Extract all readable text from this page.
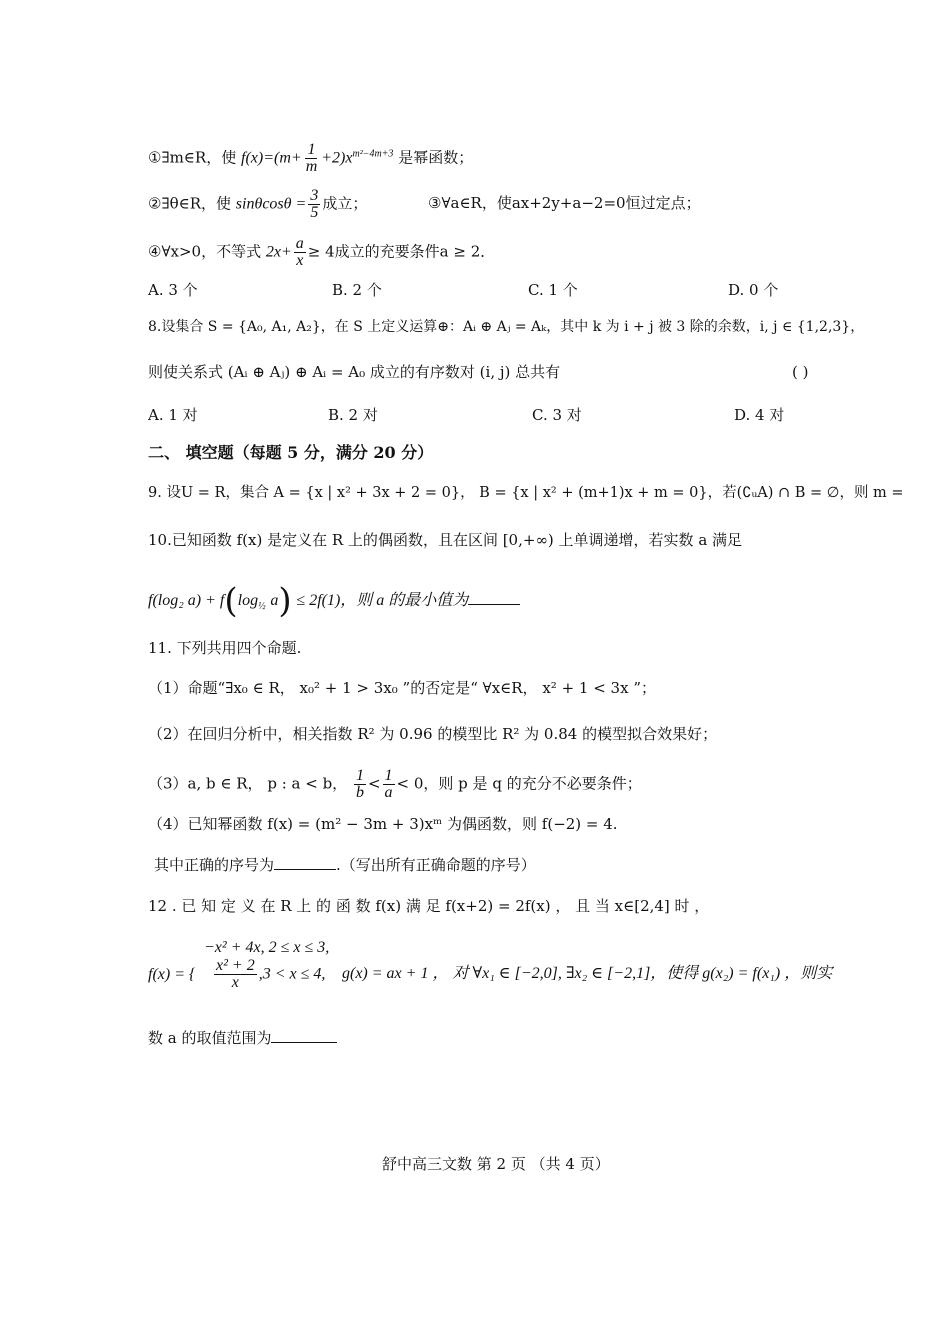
①∃m∈R，使 $f(x)=(m+ \frac{1}{m} +2)x^{m^2-4m+3}$ 是幂函数；
②∃θ∈R，使 $\sin\theta\cos\theta = \frac{3}{5}$ 成立；	③∀a∈R，使ax+2y+a−2=0恒过定点；
④∀x>0，不等式 $2x+ \frac{a}{x} \ge 4$成立的充要条件a ≥ 2．
A. 3 个	B. 2 个	C. 1 个	D. 0 个
8.设集合 S = {A₀, A₁, A₂}，在 S 上定义运算⊕：Aᵢ ⊕ Aⱼ = Aₖ，其中 k 为 i + j 被 3 除的余数，i, j ∈ {1,2,3}，
则使关系式 (Aᵢ ⊕ Aⱼ) ⊕ Aᵢ = A₀ 成立的有序数对 (i, j) 总共有	( )
A. 1 对	B. 2 对	C. 3 对	D. 4 对
二、 填空题（每题 5 分，满分 20 分）
9. 设U = R，集合 A = {x | x² + 3x + 2 = 0}， B = {x | x² + (m+1)x + m = 0}，若(∁ᵤA) ∩ B = ∅，则 m =
10.已知函数 f(x) 是定义在 R 上的偶函数，且在区间 [0,+∞) 上单调递增，若实数 a 满足
f(log₂ $a) + f(\log_{\frac{1}{2}}$ a) ≤ 2f(1)，则 a 的最小值为
11. 下列共用四个命题.
（1）命题“∃x₀ ∈ R， x₀² + 1 > 3x₀ ”的否定是“ ∀x∈R， x² + 1 < 3x ”；
（2）在回归分析中，相关指数 R² 为 0.96 的模型比 R² 为 0.84 的模型拟合效果好；
（3）a, b ∈ R， p : a < b， $\frac{1}{b} < \frac{1}{a} < 0$，则 p 是 q 的充分不必要条件；
（4）已知幂函数 f(x) = (m² − 3m + 3)xᵐ 为偶函数，则 f(−2) = 4.
其中正确的序号为	.（写出所有正确命题的序号）
12 . 已 知 定 义 在 R 上 的 函 数 f(x) 满 足 f(x+2) = 2f(x) ， 且 当 x∈[2,4] 时 ，
−x² + 4x, 2 ≤ x ≤ 3,
f(x) = { $\frac{\text{x² + 2}}{x} ,3 < x \le 4$, g(x) = ax + 1 ， 对 ∀x₁ ∈ [−2,0], ∃x₂ ∈ [−2,1]，使得 g(x₂) = f(x₁) ，则实
数 a 的取值范围为
舒中高三文数 第 2 页 （共 4 页）
